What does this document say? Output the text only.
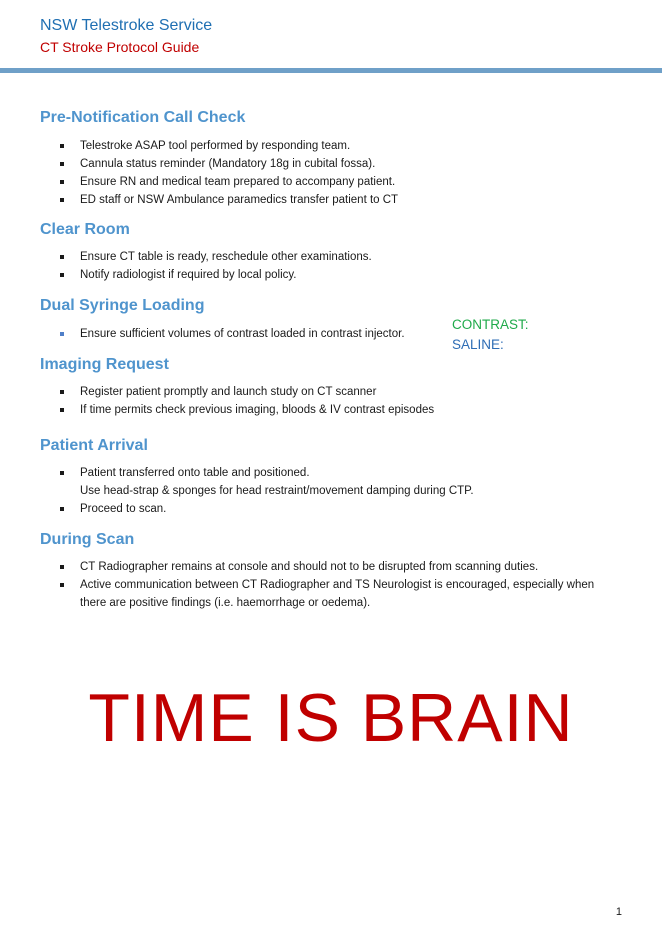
NSW Telestroke Service
CT Stroke Protocol Guide
Pre-Notification Call Check
Telestroke ASAP tool performed by responding team.
Cannula status reminder (Mandatory 18g in cubital fossa).
Ensure RN and medical team prepared to accompany patient.
ED staff or NSW Ambulance paramedics transfer patient to CT
Clear Room
Ensure CT table is ready, reschedule other examinations.
Notify radiologist if required by local policy.
Dual Syringe Loading
Ensure sufficient volumes of contrast loaded in contrast injector.
CONTRAST:
SALINE:
Imaging Request
Register patient promptly and launch study on CT scanner
If time permits check previous imaging, bloods & IV contrast episodes
Patient Arrival
Patient transferred onto table and positioned.
Use head-strap & sponges for head restraint/movement damping during CTP.
Proceed to scan.
During Scan
CT Radiographer remains at console and should not to be disrupted from scanning duties.
Active communication between CT Radiographer and TS Neurologist is encouraged, especially when
there are positive findings (i.e. haemorrhage or oedema).
TIME IS BRAIN
1
